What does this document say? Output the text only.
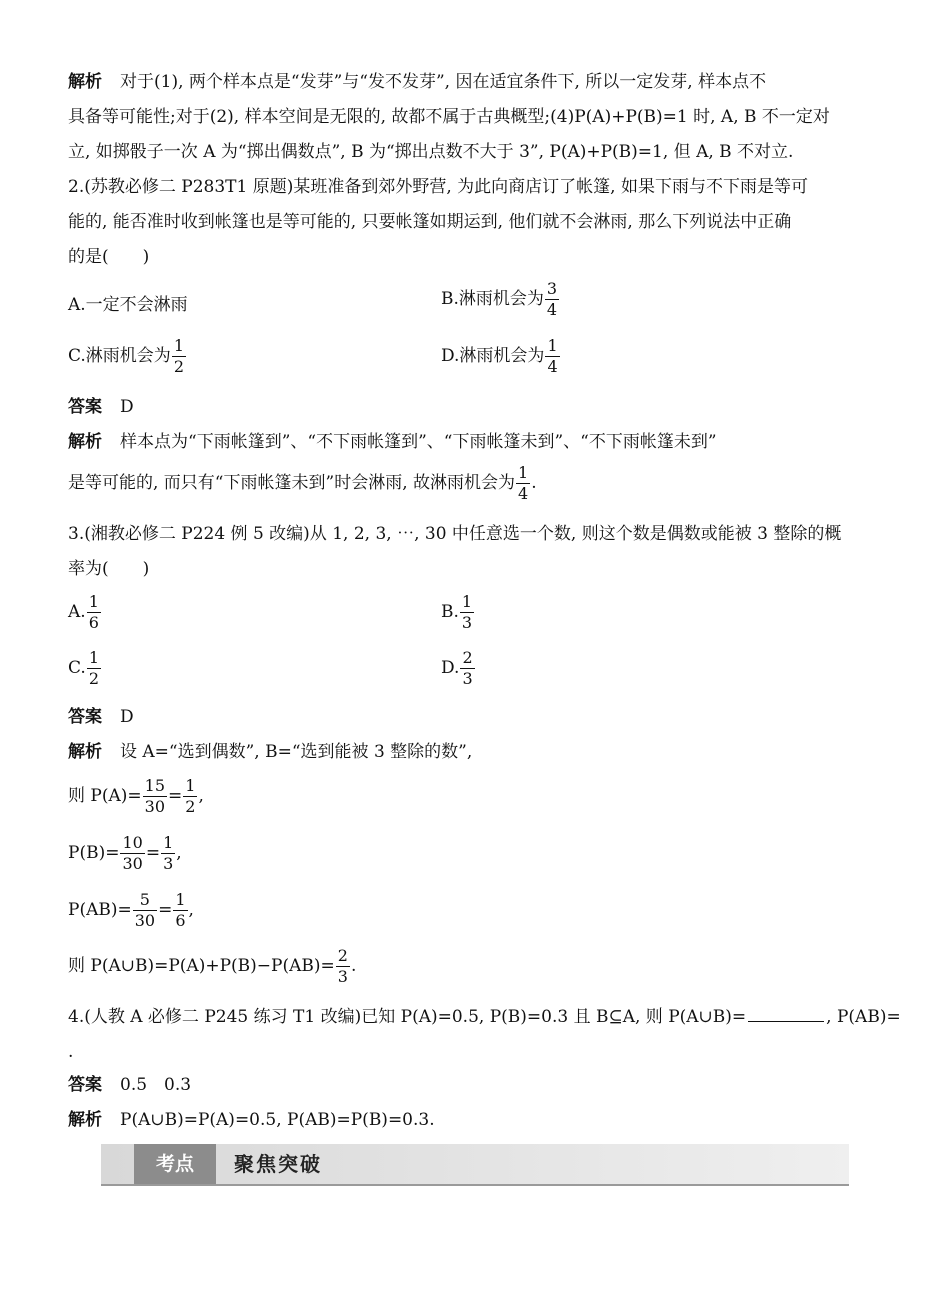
解析 对于(1), 两个样本点是“发芽”与“发不发芽”, 因在适宜条件下, 所以一定发芽, 样本点不
具备等可能性;对于(2), 样本空间是无限的, 故都不属于古典概型;(4)P(A)+P(B)=1 时, A, B 不一定对
立, 如掷骰子一次 A 为“掷出偶数点”, B 为“掷出点数不大于 3”, P(A)+P(B)=1, 但 A, B 不对立.
2.(苏教必修二 P283T1 原题)某班准备到郊外野营, 为此向商店订了帐篷, 如果下雨与不下雨是等可
能的, 能否准时收到帐篷也是等可能的, 只要帐篷如期运到, 他们就不会淋雨, 那么下列说法中正确
的是(　　)
A.一定不会淋雨	B.淋雨机会为 $\frac{3}{4}$
C.淋雨机会为 $\frac{1}{2}$	D.淋雨机会为 $\frac{1}{4}$
答案 D
解析 样本点为“下雨帐篷到”、“不下雨帐篷到”、“下雨帐篷未到”、“不下雨帐篷未到”
是等可能的, 而只有“下雨帐篷未到”时会淋雨, 故淋雨机会为 $\frac{1}{4}$ .
3.(湘教必修二 P224 例 5 改编)从 1, 2, 3, ⋯, 30 中任意选一个数, 则这个数是偶数或能被 3 整除的概
率为(　　)
A. $\frac{1}{6}$	B. $\frac{1}{3}$
C. $\frac{1}{2}$	D. $\frac{2}{3}$
答案 D
解析 设 A=“选到偶数”, B=“选到能被 3 整除的数”,
则 $P(A)= \frac{15}{30} = \frac{1}{2}$ ,
$P(B)= \frac{10}{30} = \frac{1}{3}$ ,
$P(AB)= \frac{5}{30} = \frac{1}{6}$ ,
则 P(A∪B)=P(A)+P(B)−P(AB)= $\frac{2}{3}$ .
4.(人教 A 必修二 P245 练习 T1 改编)已知 P(A)=0.5, P(B)=0.3 且 B⊆A, 则 P(A∪B)=	, P(AB)=
.
答案 0.5　0.3
解析 P(A∪B)=P(A)=0.5, P(AB)=P(B)=0.3.
考点	聚焦突破
